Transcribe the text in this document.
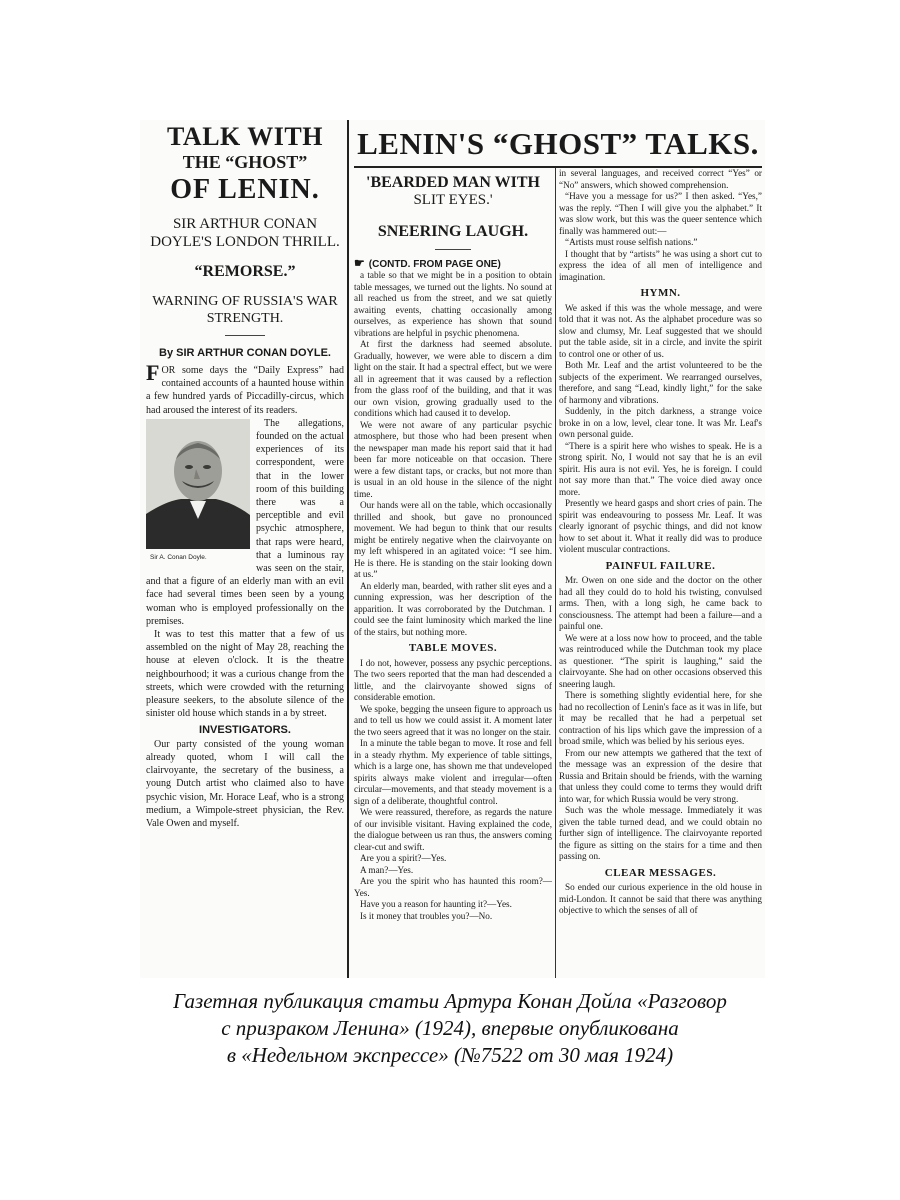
TALK WITH
THE “GHOST”
OF LENIN.
SIR ARTHUR CONAN DOYLE'S LONDON THRILL.
“REMORSE.”
WARNING OF RUSSIA'S WAR STRENGTH.
By SIR ARTHUR CONAN DOYLE.
FOR some days the “Daily Express” had contained accounts of a haunted house within a few hundred yards of Piccadilly-circus, which had aroused the interest of its readers.
Sir A. Conan Doyle.

The allegations, founded on the actual experiences of its correspondent, were that in the lower room of this building there was a perceptible and evil psychic atmosphere, that raps were heard, that a luminous ray was seen on the stair, and that a figure of an elderly man with an evil face had several times been seen by a young woman who is employed professionally on the premises.

It was to test this matter that a few of us assembled on the night of May 28, reaching the house at eleven o'clock. It is the theatre neighbourhood; it was a curious change from the streets, which were crowded with the returning pleasure seekers, to the absolute silence of the sinister old house which stands in a by street.

INVESTIGATORS.

Our party consisted of the young woman already quoted, whom I will call the clairvoyante, the secretary of the business, a young Dutch artist who claimed also to have psychic vision, Mr. Horace Leaf, who is a strong medium, a Wimpole-street physician, the Rev. Vale Owen and myself.

LENIN'S “GHOST” TALKS.
'BEARDED MAN WITH
SLIT EYES.'
SNEERING LAUGH.
☛ (CONTD. FROM PAGE ONE)

a table so that we might be in a position to obtain table messages, we turned out the lights. No sound at all reached us from the street, and we sat quietly awaiting events, chatting occasionally among ourselves, as experience has shown that sound vibrations are helpful in psychic phenomena.

At first the darkness had seemed absolute. Gradually, however, we were able to discern a dim light on the stair. It had a spectral effect, but we were all in agreement that it was caused by a reflection from the glass roof of the building, and that it was our own vision, growing gradually used to the conditions which had caused it to develop.

We were not aware of any particular psychic atmosphere, but those who had been present when the newspaper man made his report said that it had been far more noticeable on that occasion. There were a few distant taps, or cracks, but not more than is usual in an old house in the silence of the night time.

Our hands were all on the table, which occasionally thrilled and shook, but gave no pronounced movement. We had begun to think that our results might be entirely negative when the clairvoyante on my left whispered in an agitated voice: “I see him. He is there. He is standing on the stair looking down at us.”

An elderly man, bearded, with rather slit eyes and a cunning expression, was her description of the apparition. It was corroborated by the Dutchman. I could see the faint luminosity which marked the line of the stairs, but nothing more.

TABLE MOVES.

I do not, however, possess any psychic perceptions. The two seers reported that the man had descended a little, and the clairvoyante showed signs of considerable emotion.

We spoke, begging the unseen figure to approach us and to tell us how we could assist it. A moment later the two seers agreed that it was no longer on the stair.

In a minute the table began to move. It rose and fell in a steady rhythm. My experience of table sittings, which is a large one, has shown me that undeveloped spirits always make violent and irregular—often circular—movements, and that steady movement is a sign of a deliberate, thoughtful control.

We were reassured, therefore, as regards the nature of our invisible visitant. Having explained the code, the dialogue between us ran thus, the answers coming clear-cut and swift.

Are you a spirit?—Yes.

A man?—Yes.

Are you the spirit who has haunted this room?—Yes.

Have you a reason for haunting it?—Yes.

Is it money that troubles you?—No.

in several languages, and received correct “Yes” or “No” answers, which showed comprehension.

“Have you a message for us?” I then asked. “Yes,” was the reply. “Then I will give you the alphabet.” It was slow work, but this was the queer sentence which finally was hammered out:—

“Artists must rouse selfish nations.”

I thought that by “artists” he was using a short cut to express the idea of all men of intelligence and imagination.

HYMN.

We asked if this was the whole message, and were told that it was not. As the alphabet procedure was so slow and clumsy, Mr. Leaf suggested that we should put the table aside, sit in a circle, and invite the spirit to control one or other of us.

Both Mr. Leaf and the artist volunteered to be the subjects of the experiment. We rearranged ourselves, therefore, and sang “Lead, kindly light,” for the sake of harmony and vibrations.

Suddenly, in the pitch darkness, a strange voice broke in on a low, level, clear tone. It was Mr. Leaf's own personal guide.

“There is a spirit here who wishes to speak. He is a strong spirit. No, I would not say that he is an evil spirit. His aura is not evil. Yes, he is foreign. I could not say more than that.” The voice died away once more.

Presently we heard gasps and short cries of pain. The spirit was endeavouring to possess Mr. Leaf. It was clearly ignorant of psychic things, and did not know how to set about it. What it really did was to produce violent muscular contractions.

PAINFUL FAILURE.

Mr. Owen on one side and the doctor on the other had all they could do to hold his twisting, convulsed arms. Then, with a long sigh, he came back to consciousness. The attempt had been a failure—and a painful one.

We were at a loss now how to proceed, and the table was reintroduced while the Dutchman took my place as questioner. “The spirit is laughing,” said the clairvoyante. She had on other occasions observed this sneering laugh.

There is something slightly evidential here, for she had no recollection of Lenin's face as it was in life, but it may be recalled that he had a perpetual set contraction of his lips which gave the impression of a broad smile, which was belied by his serious eyes.

From our new attempts we gathered that the text of the message was an expression of the desire that Russia and Britain should be friends, with the warning that unless they could come to terms they would drift into war, for which Russia would be very strong.

Such was the whole message. Immediately it was given the table turned dead, and we could obtain no further sign of intelligence. The clairvoyante reported the figure as sitting on the stairs for a time and then passing on.

CLEAR MESSAGES.

So ended our curious experience in the old house in mid-London. It cannot be said that there was anything objective to which the senses of all of

Газетная публикация статьи Артура Конан Дойла «Разговор
с призраком Ленина» (1924), впервые опубликована
в «Недельном экспрессе» (№7522 от 30 мая 1924)
